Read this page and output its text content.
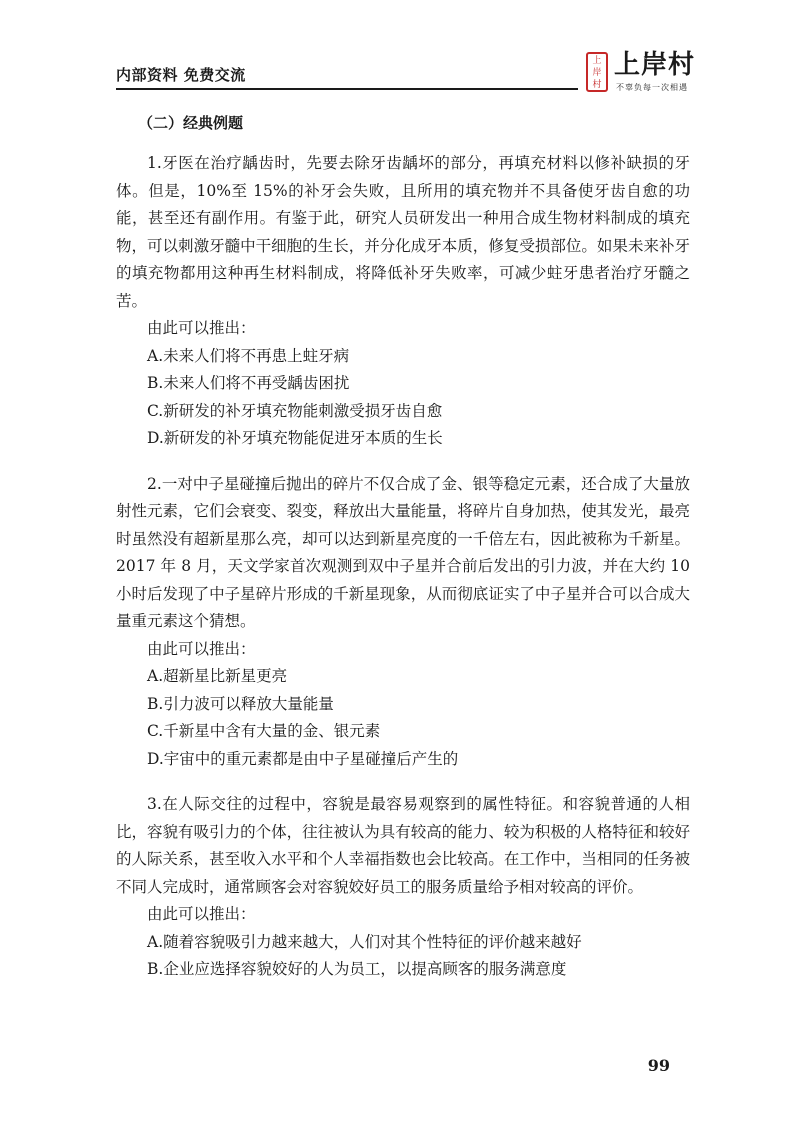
内部资料 免费交流
上
岸
村
上岸村
不辜负每一次相遇
（二）经典例题

1.牙医在治疗龋齿时，先要去除牙齿龋坏的部分，再填充材料以修补缺损的牙体。但是，10%至 15%的补牙会失败，且所用的填充物并不具备使牙齿自愈的功能，甚至还有副作用。有鉴于此，研究人员研发出一种用合成生物材料制成的填充物，可以刺激牙髓中干细胞的生长，并分化成牙本质，修复受损部位。如果未来补牙的填充物都用这种再生材料制成，将降低补牙失败率，可减少蛀牙患者治疗牙髓之苦。

由此可以推出：

A.未来人们将不再患上蛀牙病

B.未来人们将不再受龋齿困扰

C.新研发的补牙填充物能刺激受损牙齿自愈

D.新研发的补牙填充物能促进牙本质的生长

2.一对中子星碰撞后抛出的碎片不仅合成了金、银等稳定元素，还合成了大量放射性元素，它们会衰变、裂变，释放出大量能量，将碎片自身加热，使其发光，最亮时虽然没有超新星那么亮，却可以达到新星亮度的一千倍左右，因此被称为千新星。2017 年 8 月，天文学家首次观测到双中子星并合前后发出的引力波，并在大约 10 小时后发现了中子星碎片形成的千新星现象，从而彻底证实了中子星并合可以合成大量重元素这个猜想。

由此可以推出：

A.超新星比新星更亮

B.引力波可以释放大量能量

C.千新星中含有大量的金、银元素

D.宇宙中的重元素都是由中子星碰撞后产生的

3.在人际交往的过程中，容貌是最容易观察到的属性特征。和容貌普通的人相比，容貌有吸引力的个体，往往被认为具有较高的能力、较为积极的人格特征和较好的人际关系，甚至收入水平和个人幸福指数也会比较高。在工作中，当相同的任务被不同人完成时，通常顾客会对容貌姣好员工的服务质量给予相对较高的评价。

由此可以推出：

A.随着容貌吸引力越来越大，人们对其个性特征的评价越来越好

B.企业应选择容貌姣好的人为员工，以提高顾客的服务满意度

99
